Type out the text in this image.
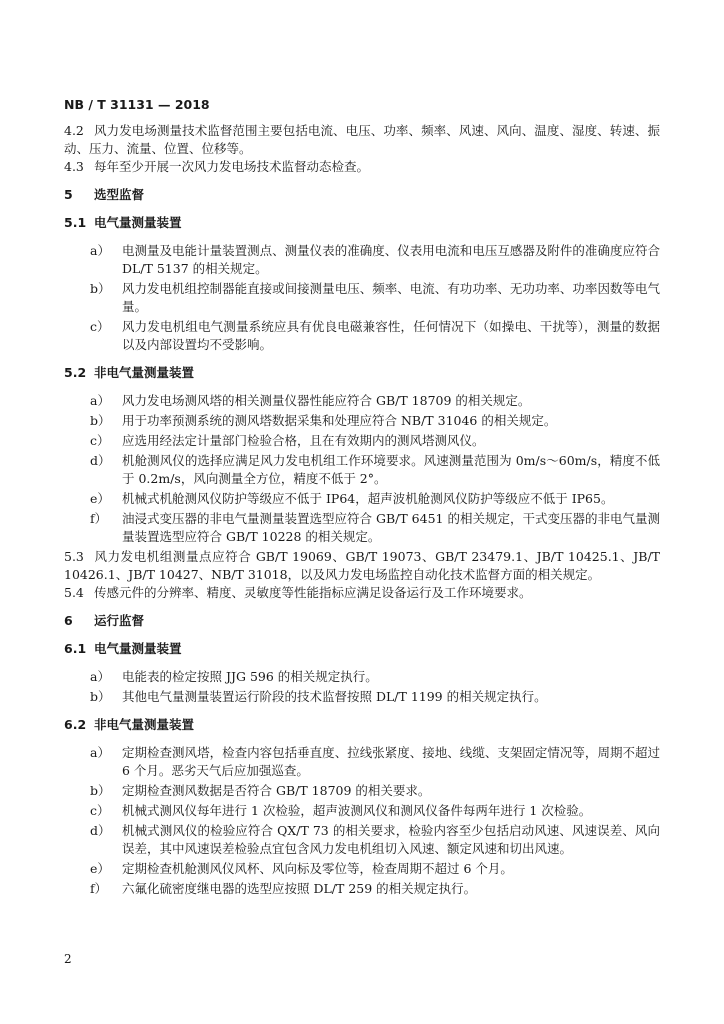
NB / T 31131 — 2018
4.2 风力发电场测量技术监督范围主要包括电流、电压、功率、频率、风速、风向、温度、湿度、转速、振动、压力、流量、位置、位移等。
4.3 每年至少开展一次风力发电场技术监督动态检查。
5 选型监督
5.1 电气量测量装置
a） 电测量及电能计量装置测点、测量仪表的准确度、仪表用电流和电压互感器及附件的准确度应符合 DL/T 5137 的相关规定。
b） 风力发电机组控制器能直接或间接测量电压、频率、电流、有功功率、无功功率、功率因数等电气量。
c） 风力发电机组电气测量系统应具有优良电磁兼容性，任何情况下（如操电、干扰等），测量的数据以及内部设置均不受影响。
5.2 非电气量测量装置
a） 风力发电场测风塔的相关测量仪器性能应符合 GB/T 18709 的相关规定。
b） 用于功率预测系统的测风塔数据采集和处理应符合 NB/T 31046 的相关规定。
c） 应选用经法定计量部门检验合格，且在有效期内的测风塔测风仪。
d） 机舱测风仪的选择应满足风力发电机组工作环境要求。风速测量范围为 0m/s～60m/s，精度不低于 0.2m/s，风向测量全方位，精度不低于 2°。
e） 机械式机舱测风仪防护等级应不低于 IP64，超声波机舱测风仪防护等级应不低于 IP65。
f） 油浸式变压器的非电气量测量装置选型应符合 GB/T 6451 的相关规定，干式变压器的非电气量测量装置选型应符合 GB/T 10228 的相关规定。
5.3 风力发电机组测量点应符合 GB/T 19069、GB/T 19073、GB/T 23479.1、JB/T 10425.1、JB/T 10426.1、JB/T 10427、NB/T 31018，以及风力发电场监控自动化技术监督方面的相关规定。
5.4 传感元件的分辨率、精度、灵敏度等性能指标应满足设备运行及工作环境要求。
6 运行监督
6.1 电气量测量装置
a） 电能表的检定按照 JJG 596 的相关规定执行。
b） 其他电气量测量装置运行阶段的技术监督按照 DL/T 1199 的相关规定执行。
6.2 非电气量测量装置
a） 定期检查测风塔，检查内容包括垂直度、拉线张紧度、接地、线缆、支架固定情况等，周期不超过 6 个月。恶劣天气后应加强巡查。
b） 定期检查测风数据是否符合 GB/T 18709 的相关要求。
c） 机械式测风仪每年进行 1 次检验，超声波测风仪和测风仪备件每两年进行 1 次检验。
d） 机械式测风仪的检验应符合 QX/T 73 的相关要求，检验内容至少包括启动风速、风速误差、风向误差，其中风速误差检验点宜包含风力发电机组切入风速、额定风速和切出风速。
e） 定期检查机舱测风仪风杯、风向标及零位等，检查周期不超过 6 个月。
f） 六氟化硫密度继电器的选型应按照 DL/T 259 的相关规定执行。
2
